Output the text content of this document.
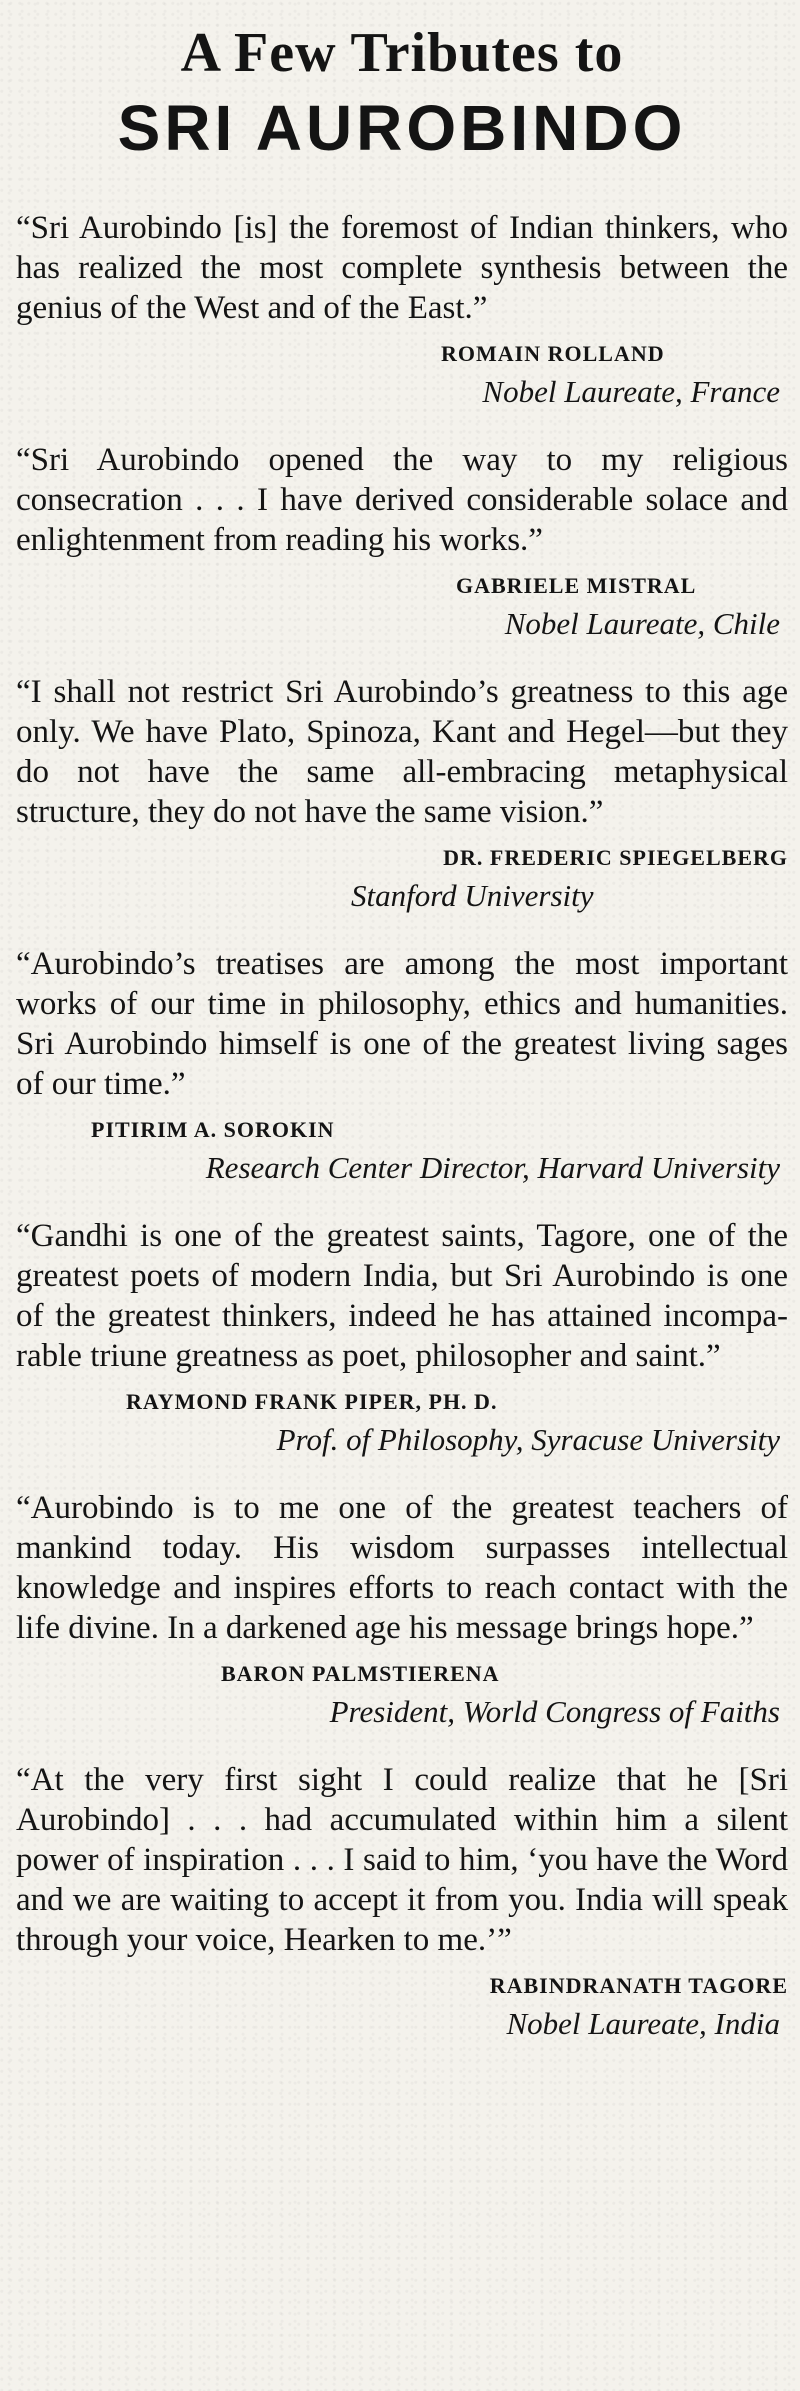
A Few Tributes to

SRI AUROBINDO

“Sri Aurobindo [is] the foremost of Indian thinkers, who has realized the most complete synthesis between the genius of the West and of the East.”

ROMAIN ROLLAND

Nobel Laureate, France

“Sri Aurobindo opened the way to my religious consecration . . . I have derived considerable solace and enlightenment from reading his works.”

GABRIELE MISTRAL

Nobel Laureate, Chile

“I shall not restrict Sri Aurobindo’s greatness to this age only. We have Plato, Spinoza, Kant and Hegel—but they do not have the same all-embracing metaphysical structure, they do not have the same vision.”

DR. FREDERIC SPIEGELBERG

Stanford University

“Aurobindo’s treatises are among the most important works of our time in philosophy, ethics and humanities. Sri Aurobindo himself is one of the greatest living sages of our time.”

PITIRIM A. SOROKIN

Research Center Director, Harvard University

“Gandhi is one of the greatest saints, Tagore, one of the greatest poets of modern India, but Sri Aurobindo is one of the greatest thinkers, indeed he has attained incomparable triune greatness as poet, philosopher and saint.”

RAYMOND FRANK PIPER, PH. D.

Prof. of Philosophy, Syracuse University

“Aurobindo is to me one of the greatest teachers of mankind today. His wisdom surpasses intellectual knowledge and inspires efforts to reach contact with the life divine. In a darkened age his message brings hope.”

BARON PALMSTIERENA

President, World Congress of Faiths

“At the very first sight I could realize that he [Sri Aurobindo] . . . had accumulated within him a silent power of inspiration . . . I said to him, ‘you have the Word and we are waiting to accept it from you. India will speak through your voice, Hearken to me.’”

RABINDRANATH TAGORE

Nobel Laureate, India
